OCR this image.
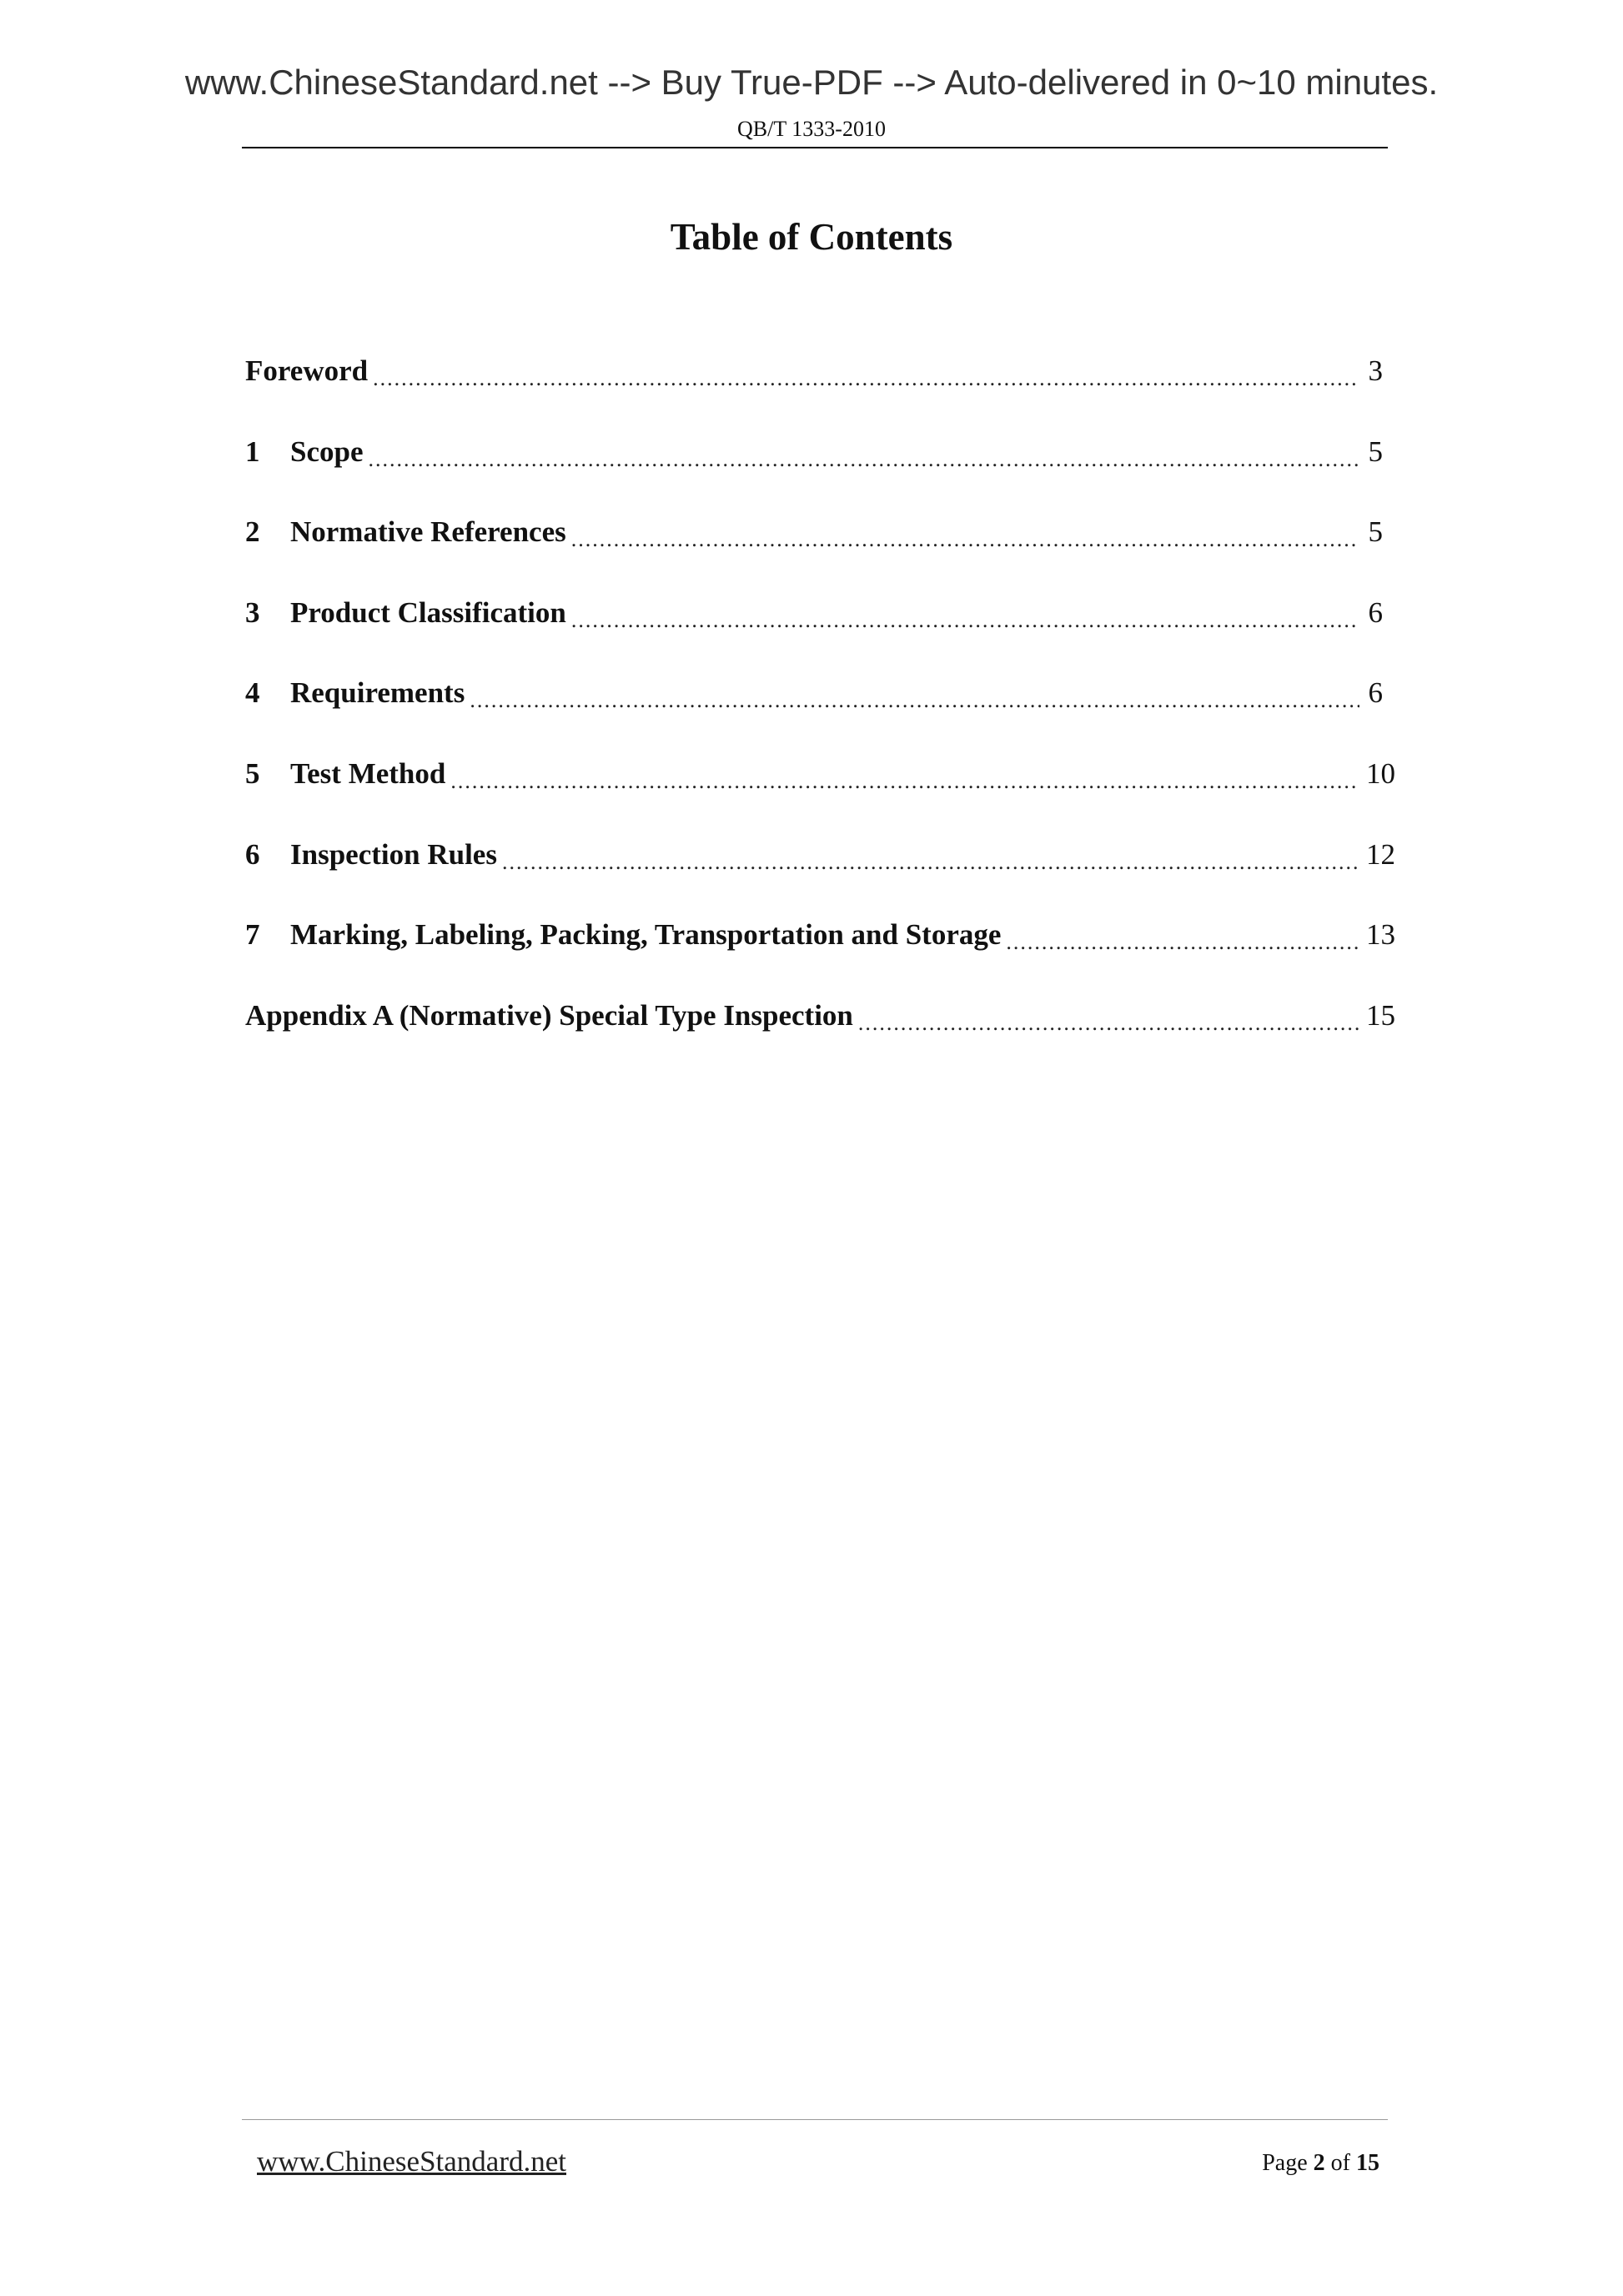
www.ChineseStandard.net --> Buy True-PDF --> Auto-delivered in 0~10 minutes.
QB/T 1333-2010
Table of Contents
Foreword .....	3
1	Scope .....	5
2	Normative References .....	5
3	Product Classification .....	6
4	Requirements .....	6
5	Test Method .....	10
6	Inspection Rules .....	12
7	Marking, Labeling, Packing, Transportation and Storage .....	13
Appendix A (Normative) Special Type Inspection .....	15
www.ChineseStandard.net	Page 2 of 15
